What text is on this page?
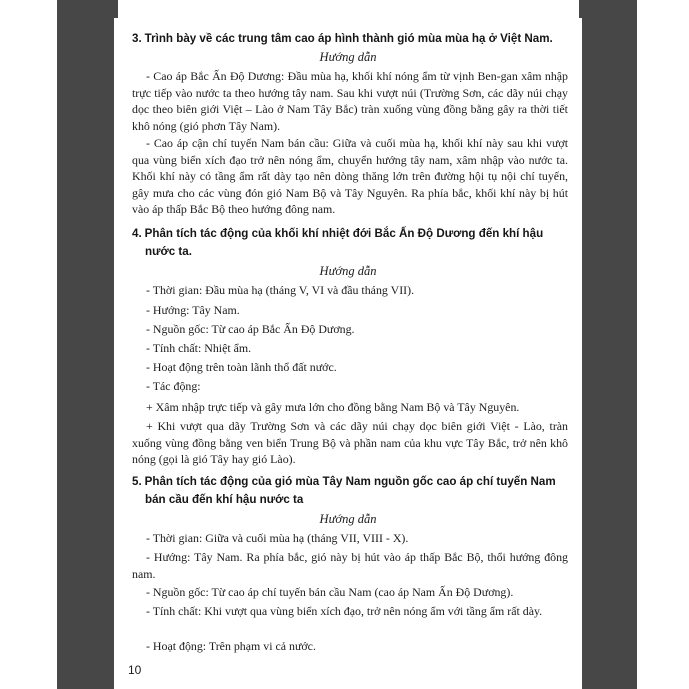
3. Trình bày về các trung tâm cao áp hình thành gió mùa mùa hạ ở Việt Nam.
Hướng dẫn
- Cao áp Bắc Ấn Độ Dương: Đầu mùa hạ, khối khí nóng ẩm từ vịnh Ben-gan xâm nhập trực tiếp vào nước ta theo hướng tây nam. Sau khi vượt núi (Trường Sơn, các dãy núi chạy dọc theo biên giới Việt – Lào ở Nam Tây Bắc) tràn xuống vùng đồng bằng gây ra thời tiết khô nóng (gió phơn Tây Nam).
- Cao áp cận chí tuyến Nam bán cầu: Giữa và cuối mùa hạ, khối khí này sau khi vượt qua vùng biển xích đạo trở nên nóng ẩm, chuyển hướng tây nam, xâm nhập vào nước ta. Khối khí này có tầng ẩm rất dày tạo nên dòng thăng lớn trên đường hội tụ nội chí tuyến, gây mưa cho các vùng đón gió Nam Bộ và Tây Nguyên. Ra phía bắc, khối khí này bị hút vào áp thấp Bắc Bộ theo hướng đông nam.
4. Phân tích tác động của khối khí nhiệt đới Bắc Ấn Độ Dương đến khí hậu
nước ta.
Hướng dẫn
- Thời gian: Đầu mùa hạ (tháng V, VI và đầu tháng VII).
- Hướng: Tây Nam.
- Nguồn gốc: Từ cao áp Bắc Ấn Độ Dương.
- Tính chất: Nhiệt ẩm.
- Hoạt động trên toàn lãnh thổ đất nước.
- Tác động:
+ Xâm nhập trực tiếp và gây mưa lớn cho đồng bằng Nam Bộ và Tây Nguyên.
+ Khi vượt qua dãy Trường Sơn và các dãy núi chạy dọc biên giới Việt - Lào, tràn xuống vùng đồng bằng ven biển Trung Bộ và phần nam của khu vực Tây Bắc, trở nên khô nóng (gọi là gió Tây hay gió Lào).
5. Phân tích tác động của gió mùa Tây Nam nguồn gốc cao áp chí tuyến Nam
bán cầu đến khí hậu nước ta
Hướng dẫn
- Thời gian: Giữa và cuối mùa hạ (tháng VII, VIII - X).
- Hướng: Tây Nam. Ra phía bắc, gió này bị hút vào áp thấp Bắc Bộ, thổi hướng đông nam.
- Nguồn gốc: Từ cao áp chí tuyến bán cầu Nam (cao áp Nam Ấn Độ Dương).
- Tính chất: Khi vượt qua vùng biển xích đạo, trở nên nóng ẩm với tầng ẩm rất dày.
- Hoạt động: Trên phạm vi cả nước.
10
